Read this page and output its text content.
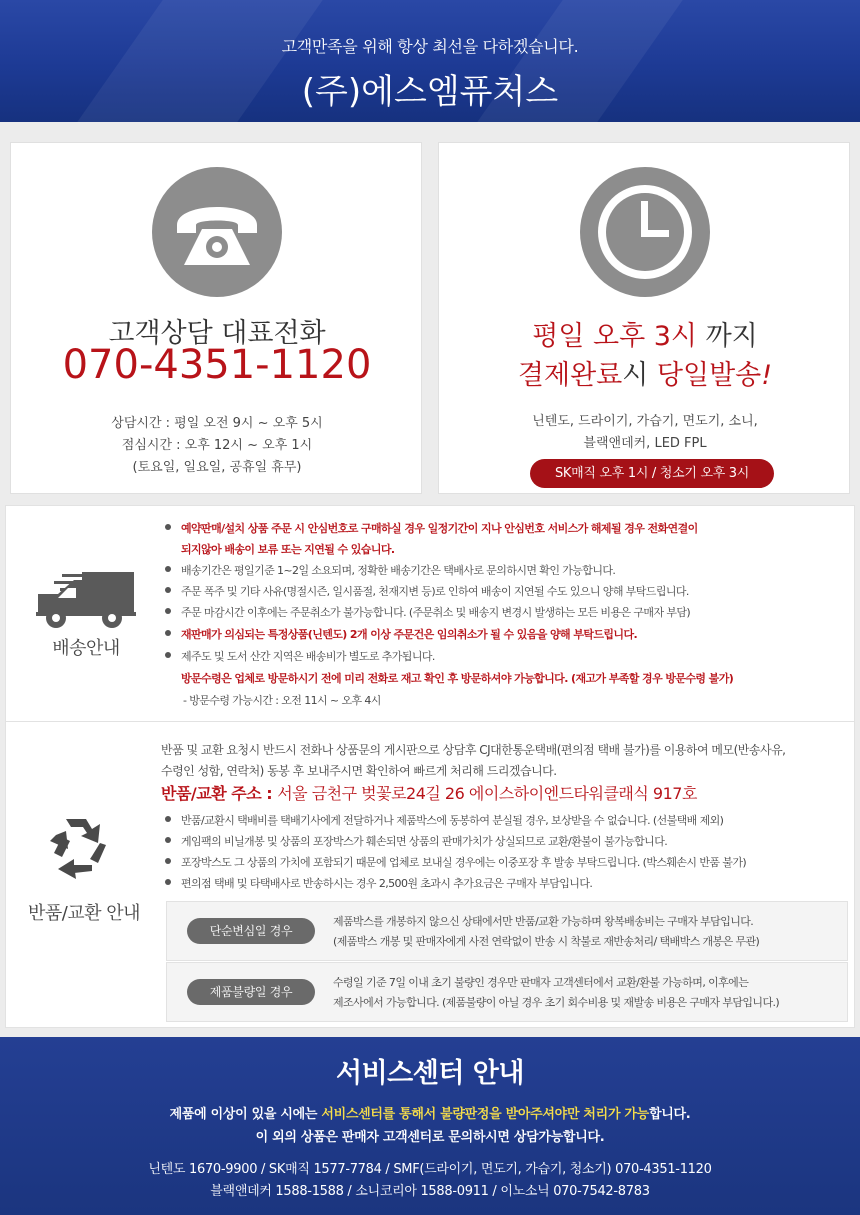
고객만족을 위해 항상 최선을 다하겠습니다.
(주)에스엠퓨처스
고객상담 대표전화
070-4351-1120
상담시간 : 평일 오전 9시 ~ 오후 5시
점심시간 : 오후 12시 ~ 오후 1시
(토요일, 일요일, 공휴일 휴무)
평일 오후 3시 까지
결제완료시 당일발송!
닌텐도, 드라이기, 가습기, 면도기, 소니,
블랙앤데커, LED FPL
SK매직 오후 1시 / 청소기 오후 3시
배송안내
예약판매/설치 상품 주문 시 안심번호로 구매하실 경우 일정기간이 지나 안심번호 서비스가 해제될 경우 전화연결이
되지않아 배송이 보류 또는 지연될 수 있습니다.
배송기간은 평일기준 1~2일 소요되며, 정확한 배송기간은 택배사로 문의하시면 확인 가능합니다.
주문 폭주 및 기타 사유(명절시즌, 일시품절, 천재지변 등)로 인하여 배송이 지연될 수도 있으니 양해 부탁드립니다.
주문 마감시간 이후에는 주문취소가 불가능합니다. (주문취소 및 배송지 변경시 발생하는 모든 비용은 구매자 부담)
재판매가 의심되는 특정상품(닌텐도) 2개 이상 주문건은 임의취소가 될 수 있음을 양해 부탁드립니다.
제주도 및 도서 산간 지역은 배송비가 별도로 추가됩니다.
방문수령은 업체로 방문하시기 전에 미리 전화로 재고 확인 후 방문하셔야 가능합니다. (재고가 부족할 경우 방문수령 불가)
- 방문수령 가능시간 : 오전 11시 ~ 오후 4시
반품/교환 안내
반품 및 교환 요청시 반드시 전화나 상품문의 게시판으로 상담후 CJ대한통운택배(편의점 택배 불가)를 이용하여 메모(반송사유,
수령인 성함, 연락처) 동봉 후 보내주시면 확인하여 빠르게 처리해 드리겠습니다.
반품/교환 주소 : 서울 금천구 벚꽃로24길 26 에이스하이엔드타워클래식 917호
반품/교환시 택배비를 택배기사에게 전달하거나 제품박스에 동봉하여 분실될 경우, 보상받을 수 없습니다. (선불택배 제외)
게임팩의 비닐개봉 및 상품의 포장박스가 훼손되면 상품의 판매가치가 상실되므로 교환/환불이 불가능합니다.
포장박스도 그 상품의 가치에 포함되기 때문에 업체로 보내실 경우에는 이중포장 후 발송 부탁드립니다. (박스훼손시 반품 불가)
편의점 택배 및 타택배사로 반송하시는 경우 2,500원 초과시 추가요금은 구매자 부담입니다.
단순변심일 경우
제품박스를 개봉하지 않으신 상태에서만 반품/교환 가능하며 왕복배송비는 구매자 부담입니다.
(제품박스 개봉 및 판매자에게 사전 연락없이 반송 시 착불로 재반송처리/ 택배박스 개봉은 무관)
제품불량일 경우
수령일 기준 7일 이내 초기 불량인 경우만 판매자 고객센터에서 교환/환불 가능하며, 이후에는
제조사에서 가능합니다. (제품불량이 아닐 경우 초기 회수비용 및 재발송 비용은 구매자 부담입니다.)
서비스센터 안내
제품에 이상이 있을 시에는 서비스센터를 통해서 불량판정을 받아주셔야만 처리가 가능합니다.
이 외의 상품은 판매자 고객센터로 문의하시면 상담가능합니다.
닌텐도 1670-9900 / SK매직 1577-7784 / SMF(드라이기, 면도기, 가습기, 청소기) 070-4351-1120
블랙앤데커 1588-1588 / 소니코리아 1588-0911 / 이노소닉 070-7542-8783
